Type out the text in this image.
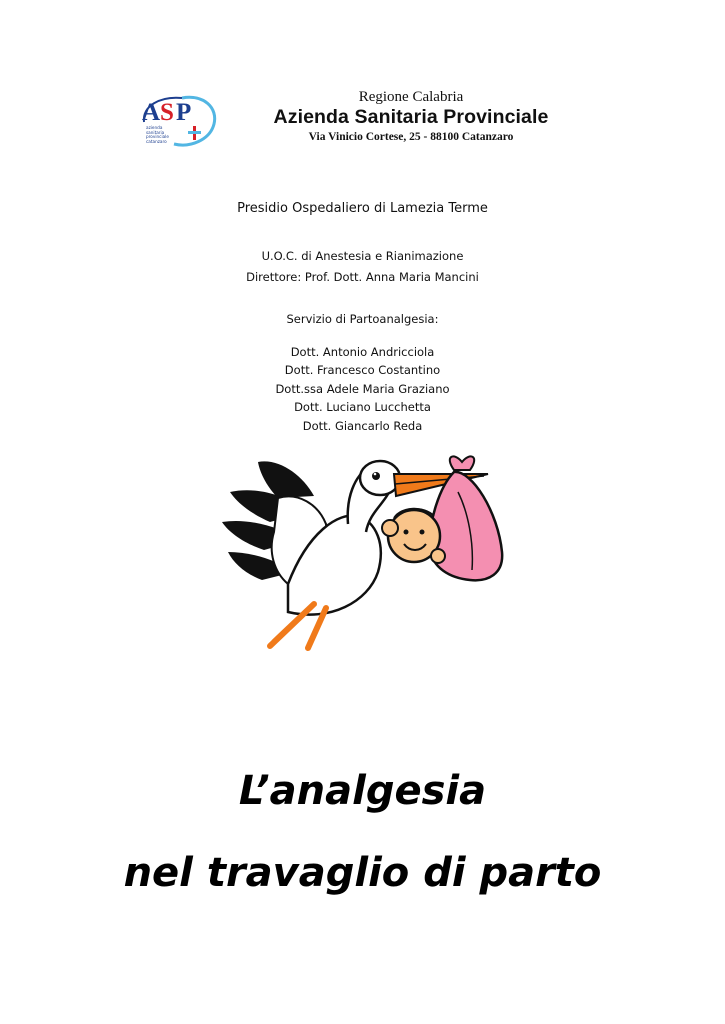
A S P
azienda
sanitaria
provinciale
catanzaro
Regione Calabria
Azienda Sanitaria Provinciale
Via Vinicio Cortese, 25 - 88100 Catanzaro
Presidio Ospedaliero di Lamezia Terme
U.O.C. di Anestesia e Rianimazione
Direttore: Prof. Dott. Anna Maria Mancini
Servizio di Partoanalgesia:
Dott. Antonio Andricciola
Dott. Francesco Costantino
Dott.ssa Adele Maria Graziano
Dott. Luciano Lucchetta
Dott. Giancarlo Reda
L’analgesia
nel travaglio di parto
